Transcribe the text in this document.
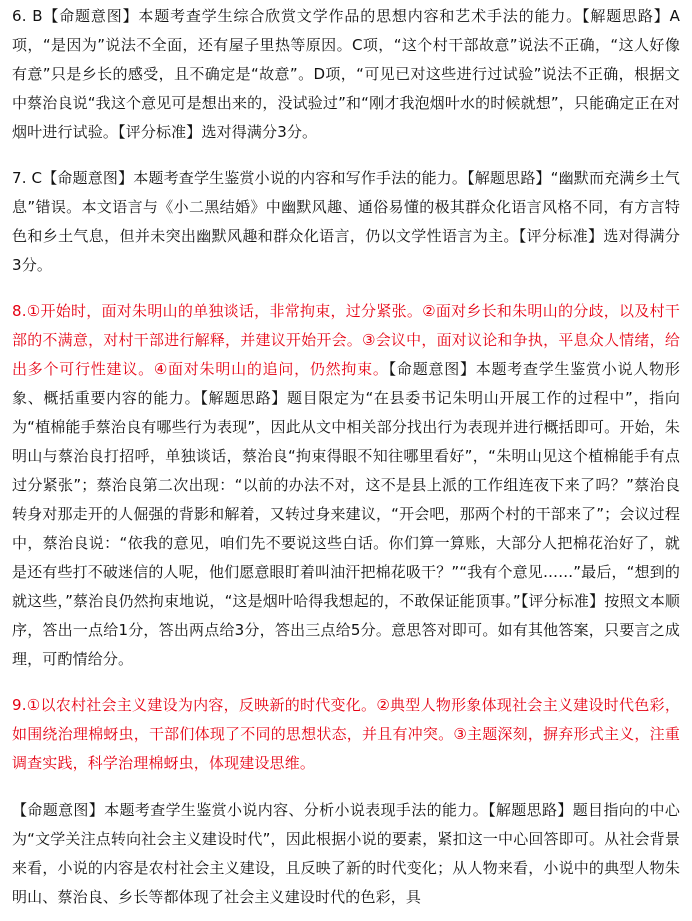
6. B【命题意图】本题考查学生综合欣赏文学作品的思想内容和艺术手法的能力。【解题思路】A项，“是因为”说法不全面，还有屋子里热等原因。C项，“这个村干部故意”说法不正确，“这人好像有意”只是乡长的感受，且不确定是“故意”。D项，“可见已对这些进行过试验”说法不正确，根据文中蔡治良说“我这个意见可是想出来的，没试验过”和“刚才我泡烟叶水的时候就想”，只能确定正在对烟叶进行试验。【评分标准】选对得满分3分。

7. C【命题意图】本题考查学生鉴赏小说的内容和写作手法的能力。【解题思路】“幽默而充满乡土气息”错误。本文语言与《小二黑结婚》中幽默风趣、通俗易懂的极其群众化语言风格不同，有方言特色和乡土气息，但并未突出幽默风趣和群众化语言，仍以文学性语言为主。【评分标准】选对得满分3分。

8.①开始时，面对朱明山的单独谈话，非常拘束，过分紧张。②面对乡长和朱明山的分歧，以及村干部的不满意，对村干部进行解释，并建议开始开会。③会议中，面对议论和争执，平息众人情绪，给出多个可行性建议。④面对朱明山的追问，仍然拘束。【命题意图】本题考查学生鉴赏小说人物形象、概括重要内容的能力。【解题思路】题目限定为“在县委书记朱明山开展工作的过程中”，指向为“植棉能手蔡治良有哪些行为表现”，因此从文中相关部分找出行为表现并进行概括即可。开始，朱明山与蔡治良打招呼，单独谈话，蔡治良“拘束得眼不知往哪里看好”，“朱明山见这个植棉能手有点过分紧张”；蔡治良第二次出现：“以前的办法不对，这不是县上派的工作组连夜下来了吗？”蔡治良转身对那走开的人倔强的背影和解着，又转过身来建议，“开会吧，那两个村的干部来了”；会议过程中，蔡治良说：“依我的意见，咱们先不要说这些白话。你们算一算账，大部分人把棉花治好了，就是还有些打不破迷信的人呢，他们愿意眼盯着叫油汗把棉花吸干？”“我有个意见……”最后，“想到的就这些，”蔡治良仍然拘束地说，“这是烟叶哈得我想起的，不敢保证能顶事。”【评分标准】按照文本顺序，答出一点给1分，答出两点给3分，答出三点给5分。意思答对即可。如有其他答案，只要言之成理，可酌情给分。

9.①以农村社会主义建设为内容，反映新的时代变化。②典型人物形象体现社会主义建设时代色彩，如围绕治理棉蚜虫，干部们体现了不同的思想状态，并且有冲突。③主题深刻，摒弃形式主义，注重调查实践，科学治理棉蚜虫，体现建设思维。

【命题意图】本题考查学生鉴赏小说内容、分析小说表现手法的能力。【解题思路】题目指向的中心为“文学关注点转向社会主义建设时代”，因此根据小说的要素，紧扣这一中心回答即可。从社会背景来看，小说的内容是农村社会主义建设，且反映了新的时代变化；从人物来看，小说中的典型人物朱明山、蔡治良、乡长等都体现了社会主义建设时代的色彩，具
